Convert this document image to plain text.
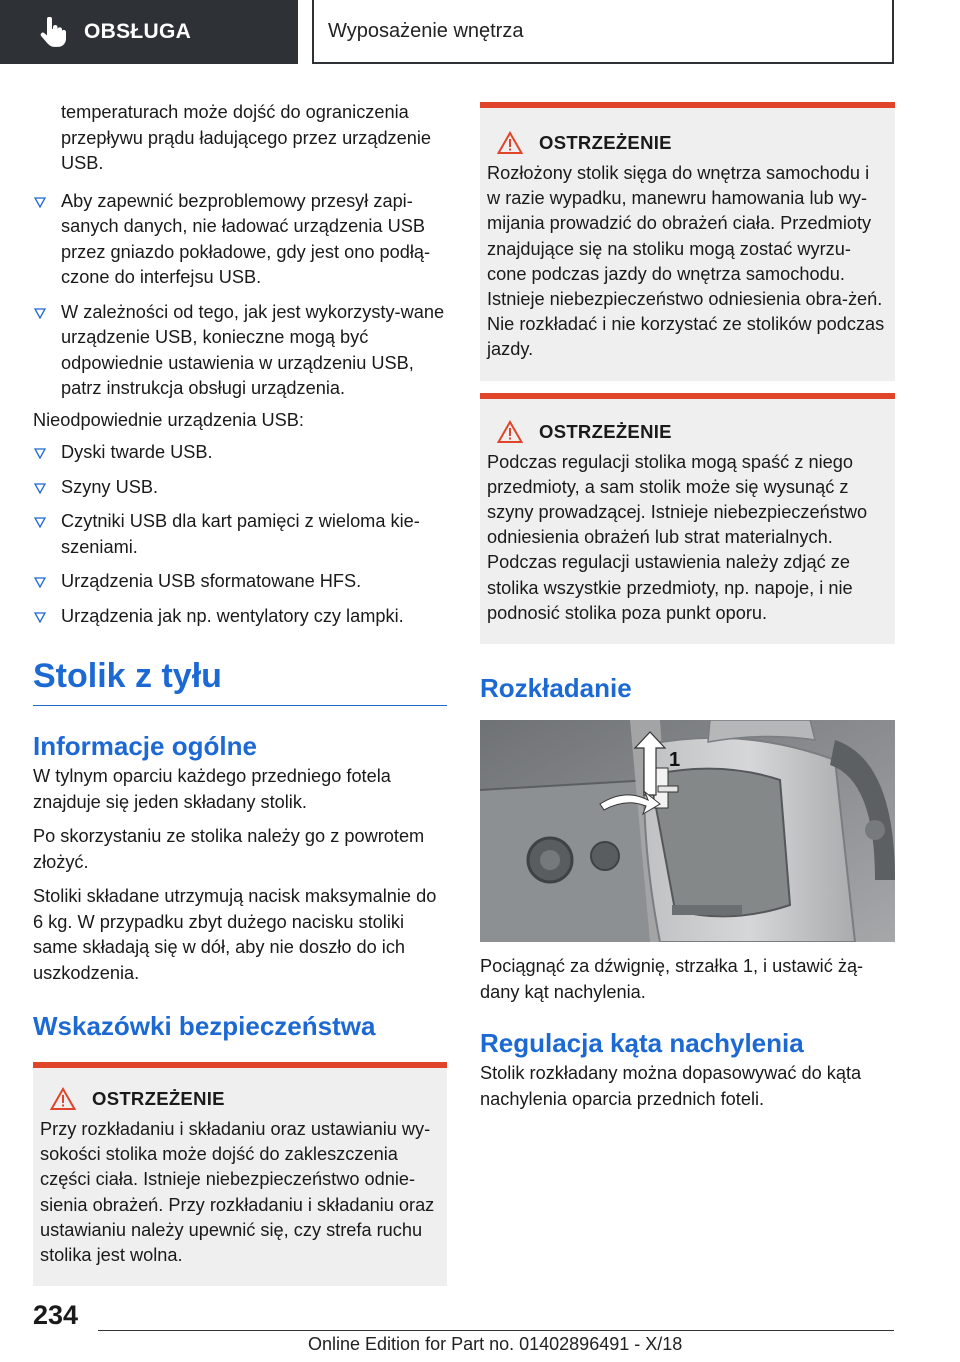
OBSŁUGA	Wyposażenie wnętrza

temperaturach może dojść do ograniczenia przepływu prądu ładującego przez urządzenie USB.

Aby zapewnić bezproblemowy przesył zapi-sanych danych, nie ładować urządzenia USB przez gniazdo pokładowe, gdy jest ono podłą-czone do interfejsu USB.
W zależności od tego, jak jest wykorzysty-wane urządzenie USB, konieczne mogą być odpowiednie ustawienia w urządzeniu USB, patrz instrukcja obsługi urządzenia.

Nieodpowiednie urządzenia USB:

Dyski twarde USB.
Szyny USB.
Czytniki USB dla kart pamięci z wieloma kie-szeniami.
Urządzenia USB sformatowane HFS.
Urządzenia jak np. wentylatory czy lampki.
Stolik z tyłu
Informacje ogólne

W tylnym oparciu każdego przedniego fotela znajduje się jeden składany stolik.

Po skorzystaniu ze stolika należy go z powrotem złożyć.

Stoliki składane utrzymują nacisk maksymalnie do 6 kg. W przypadku zbyt dużego nacisku stoliki same składają się w dół, aby nie doszło do ich uszkodzenia.

Wskazówki bezpieczeństwa
OSTRZEŻENIE

Przy rozkładaniu i składaniu oraz ustawianiu wy-sokości stolika może dojść do zakleszczenia części ciała. Istnieje niebezpieczeństwo odnie-sienia obrażeń. Przy rozkładaniu i składaniu oraz ustawianiu należy upewnić się, czy strefa ruchu stolika jest wolna.

OSTRZEŻENIE

Rozłożony stolik sięga do wnętrza samochodu i w razie wypadku, manewru hamowania lub wy-mijania prowadzić do obrażeń ciała. Przedmioty znajdujące się na stoliku mogą zostać wyrzu-cone podczas jazdy do wnętrza samochodu. Istnieje niebezpieczeństwo odniesienia obra-żeń. Nie rozkładać i nie korzystać ze stolików podczas jazdy.

OSTRZEŻENIE

Podczas regulacji stolika mogą spaść z niego przedmioty, a sam stolik może się wysunąć z szyny prowadzącej. Istnieje niebezpieczeństwo odniesienia obrażeń lub strat materialnych. Podczas regulacji ustawienia należy zdjąć ze stolika wszystkie przedmioty, np. napoje, i nie podnosić stolika poza punkt oporu.

Rozkładanie
1

Pociągnąć za dźwignię, strzałka 1, i ustawić żą-dany kąt nachylenia.

Regulacja kąta nachylenia

Stolik rozkładany można dopasowywać do kąta nachylenia oparcia przednich foteli.

234
Online Edition for Part no. 01402896491 - X/18
